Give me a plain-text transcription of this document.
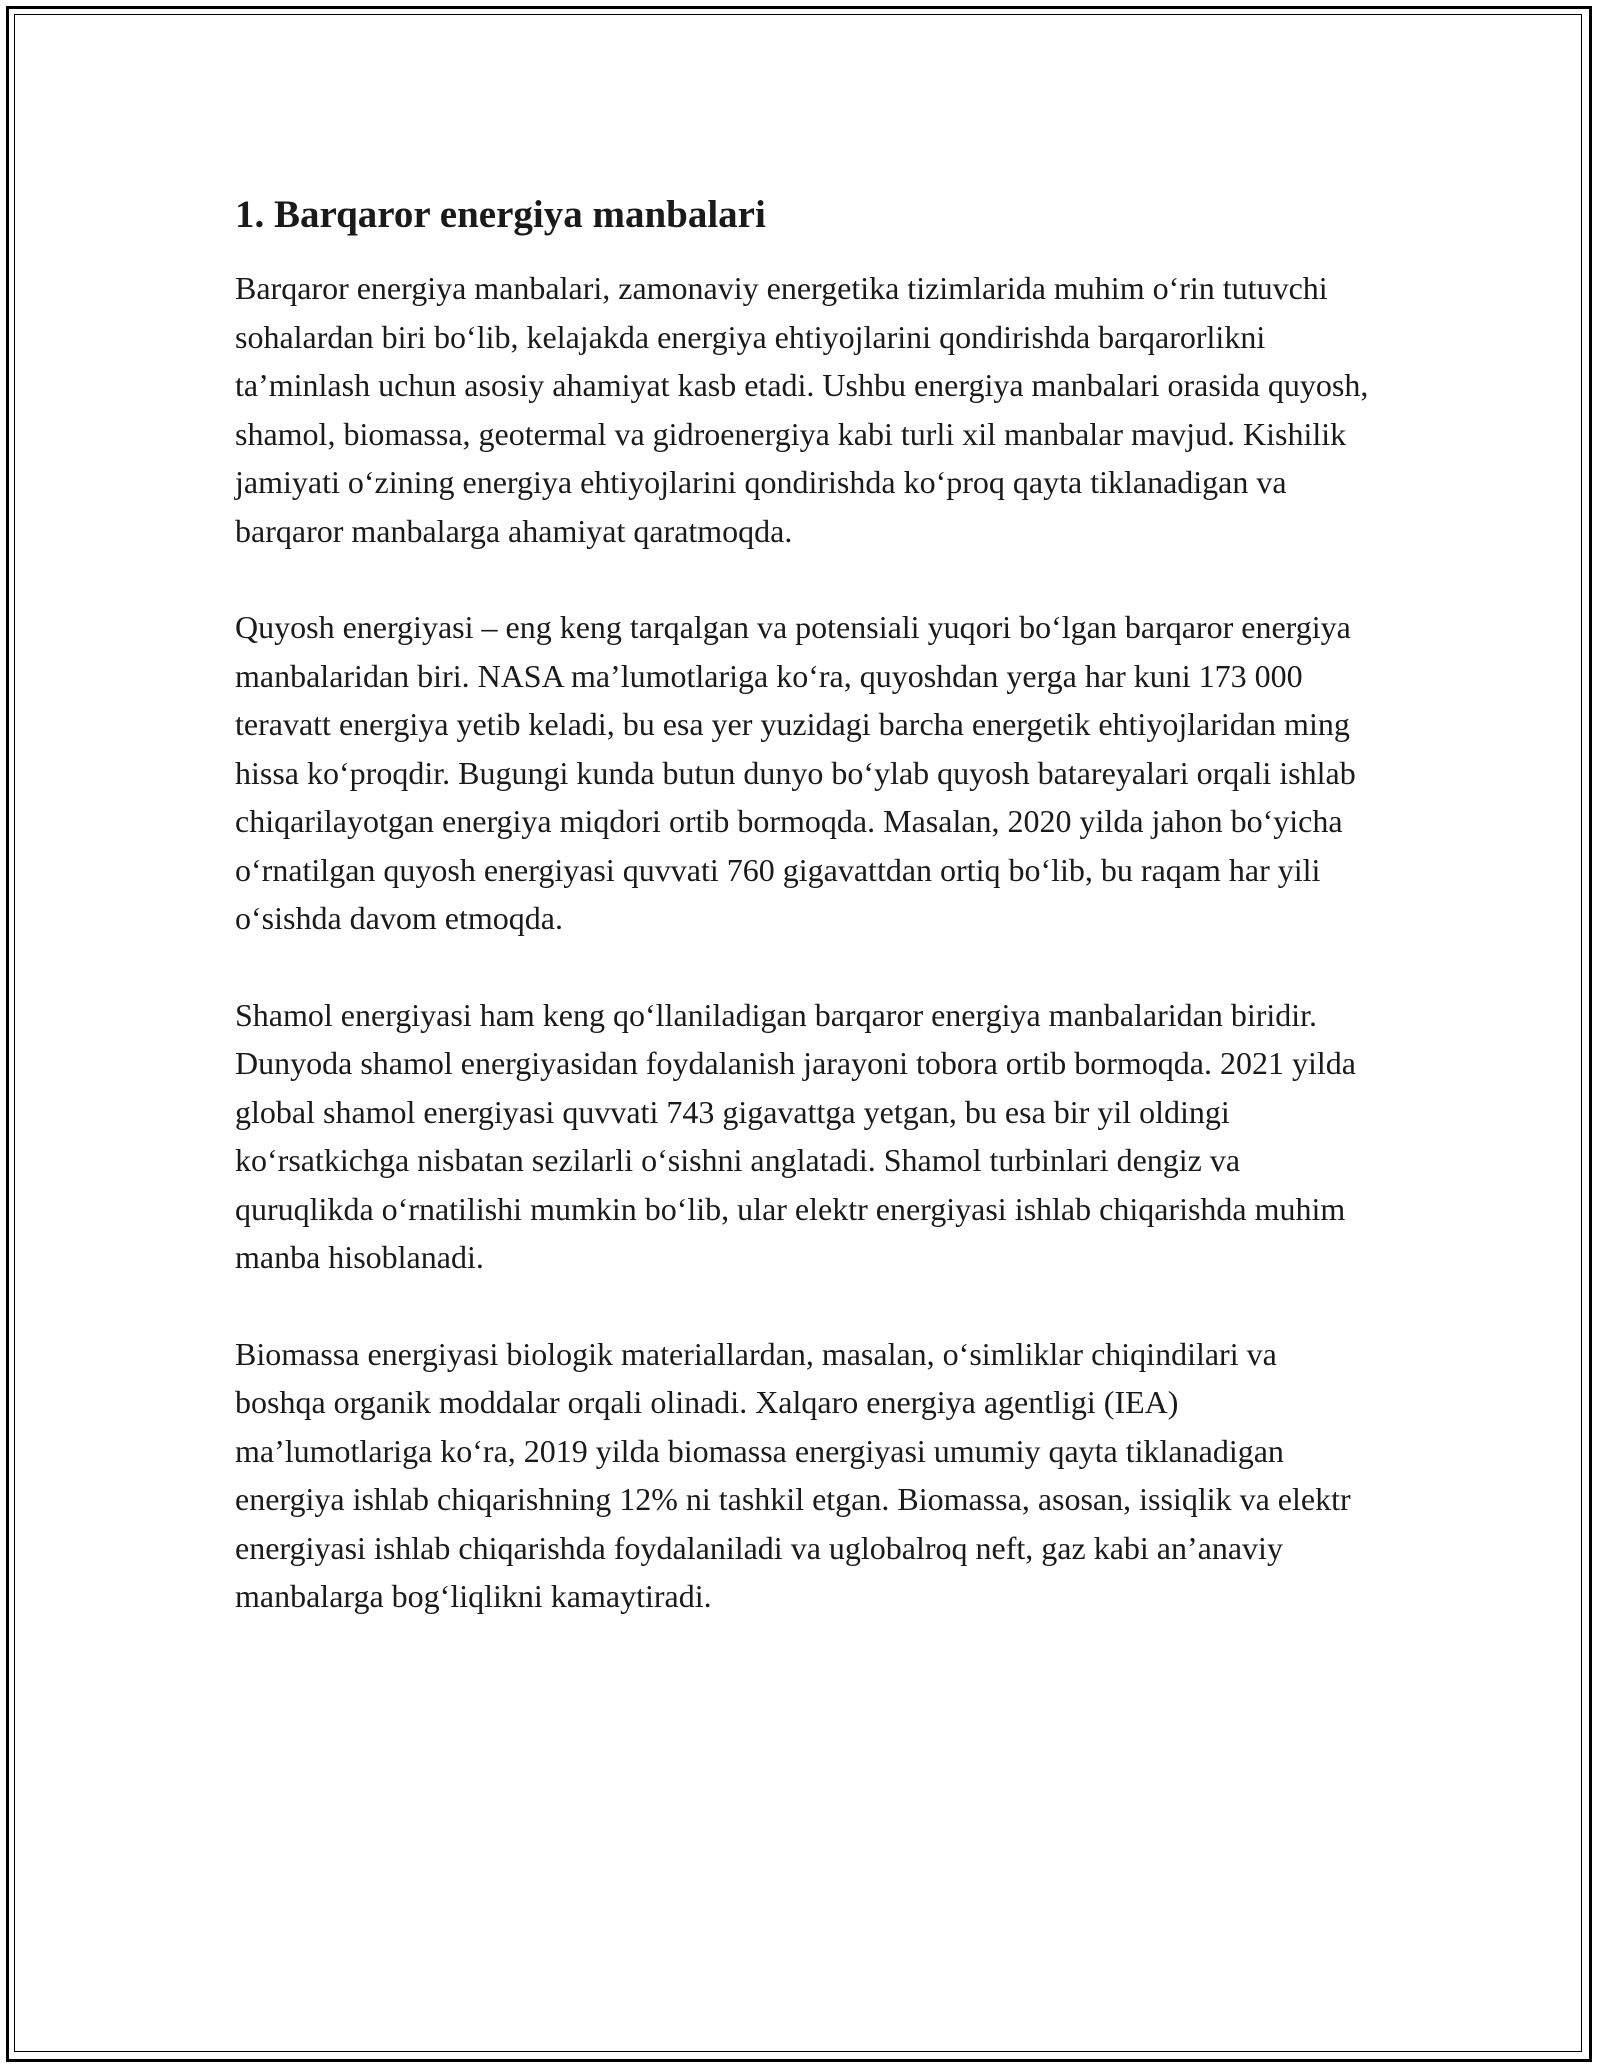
1. Barqaror energiya manbalari

Barqaror energiya manbalari, zamonaviy energetika tizimlarida muhim o‘rin tutuvchi sohalardan biri bo‘lib, kelajakda energiya ehtiyojlarini qondirishda barqarorlikni ta’minlash uchun asosiy ahamiyat kasb etadi. Ushbu energiya manbalari orasida quyosh, shamol, biomassa, geotermal va gidroenergiya kabi turli xil manbalar mavjud. Kishilik jamiyati o‘zining energiya ehtiyojlarini qondirishda ko‘proq qayta tiklanadigan va barqaror manbalarga ahamiyat qaratmoqda.

Quyosh energiyasi – eng keng tarqalgan va potensiali yuqori bo‘lgan barqaror energiya manbalaridan biri. NASA ma’lumotlariga ko‘ra, quyoshdan yerga har kuni 173 000 teravatt energiya yetib keladi, bu esa yer yuzidagi barcha energetik ehtiyojlaridan ming hissa ko‘proqdir. Bugungi kunda butun dunyo bo‘ylab quyosh batareyalari orqali ishlab chiqarilayotgan energiya miqdori ortib bormoqda. Masalan, 2020 yilda jahon bo‘yicha o‘rnatilgan quyosh energiyasi quvvati 760 gigavattdan ortiq bo‘lib, bu raqam har yili o‘sishda davom etmoqda.

Shamol energiyasi ham keng qo‘llaniladigan barqaror energiya manbalaridan biridir. Dunyoda shamol energiyasidan foydalanish jarayoni tobora ortib bormoqda. 2021 yilda global shamol energiyasi quvvati 743 gigavattga yetgan, bu esa bir yil oldingi ko‘rsatkichga nisbatan sezilarli o‘sishni anglatadi. Shamol turbinlari dengiz va quruqlikda o‘rnatilishi mumkin bo‘lib, ular elektr energiyasi ishlab chiqarishda muhim manba hisoblanadi.

Biomassa energiyasi biologik materiallardan, masalan, o‘simliklar chiqindilari va boshqa organik moddalar orqali olinadi. Xalqaro energiya agentligi (IEA) ma’lumotlariga ko‘ra, 2019 yilda biomassa energiyasi umumiy qayta tiklanadigan energiya ishlab chiqarishning 12% ni tashkil etgan. Biomassa, asosan, issiqlik va elektr energiyasi ishlab chiqarishda foydalaniladi va uglobalroq neft, gaz kabi an’anaviy manbalarga bog‘liqlikni kamaytiradi.
